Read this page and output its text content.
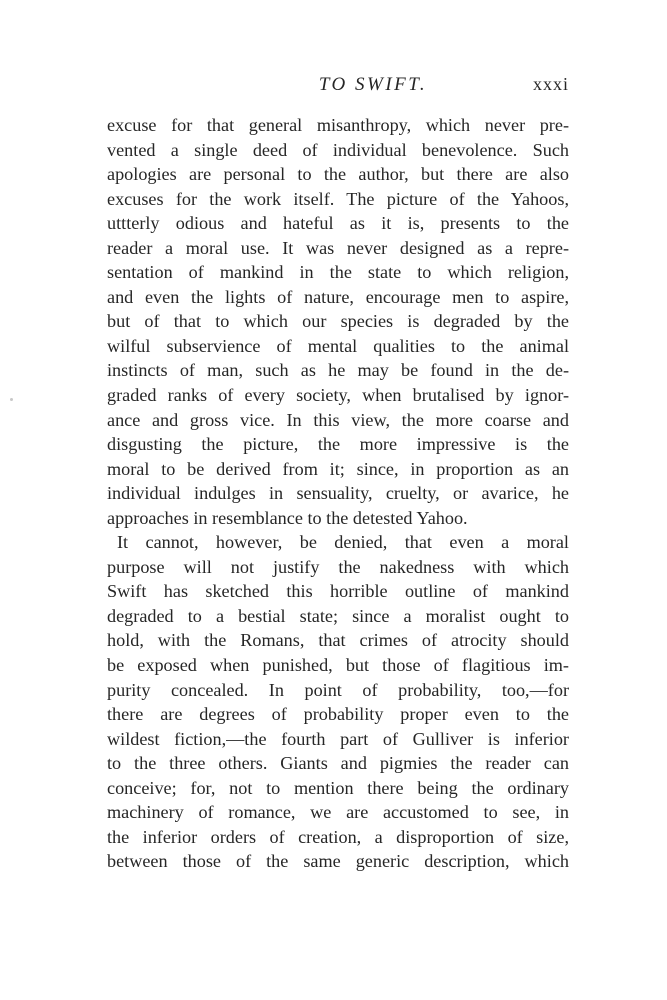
TO SWIFT.	xxxi
excuse for that general misanthropy, which never pre-
vented a single deed of individual benevolence. Such
apologies are personal to the author, but there are also
excuses for the work itself. The picture of the Yahoos,
uttterly odious and hateful as it is, presents to the
reader a moral use. It was never designed as a repre-
sentation of mankind in the state to which religion,
and even the lights of nature, encourage men to aspire,
but of that to which our species is degraded by the
wilful subservience of mental qualities to the animal
instincts of man, such as he may be found in the de-
graded ranks of every society, when brutalised by ignor-
ance and gross vice. In this view, the more coarse and
disgusting the picture, the more impressive is the
moral to be derived from it; since, in proportion as an
individual indulges in sensuality, cruelty, or avarice, he
approaches in resemblance to the detested Yahoo.
It cannot, however, be denied, that even a moral
purpose will not justify the nakedness with which
Swift has sketched this horrible outline of mankind
degraded to a bestial state; since a moralist ought to
hold, with the Romans, that crimes of atrocity should
be exposed when punished, but those of flagitious im-
purity concealed. In point of probability, too,—for
there are degrees of probability proper even to the
wildest fiction,—the fourth part of Gulliver is inferior
to the three others. Giants and pigmies the reader can
conceive; for, not to mention there being the ordinary
machinery of romance, we are accustomed to see, in
the inferior orders of creation, a disproportion of size,
between those of the same generic description, which
